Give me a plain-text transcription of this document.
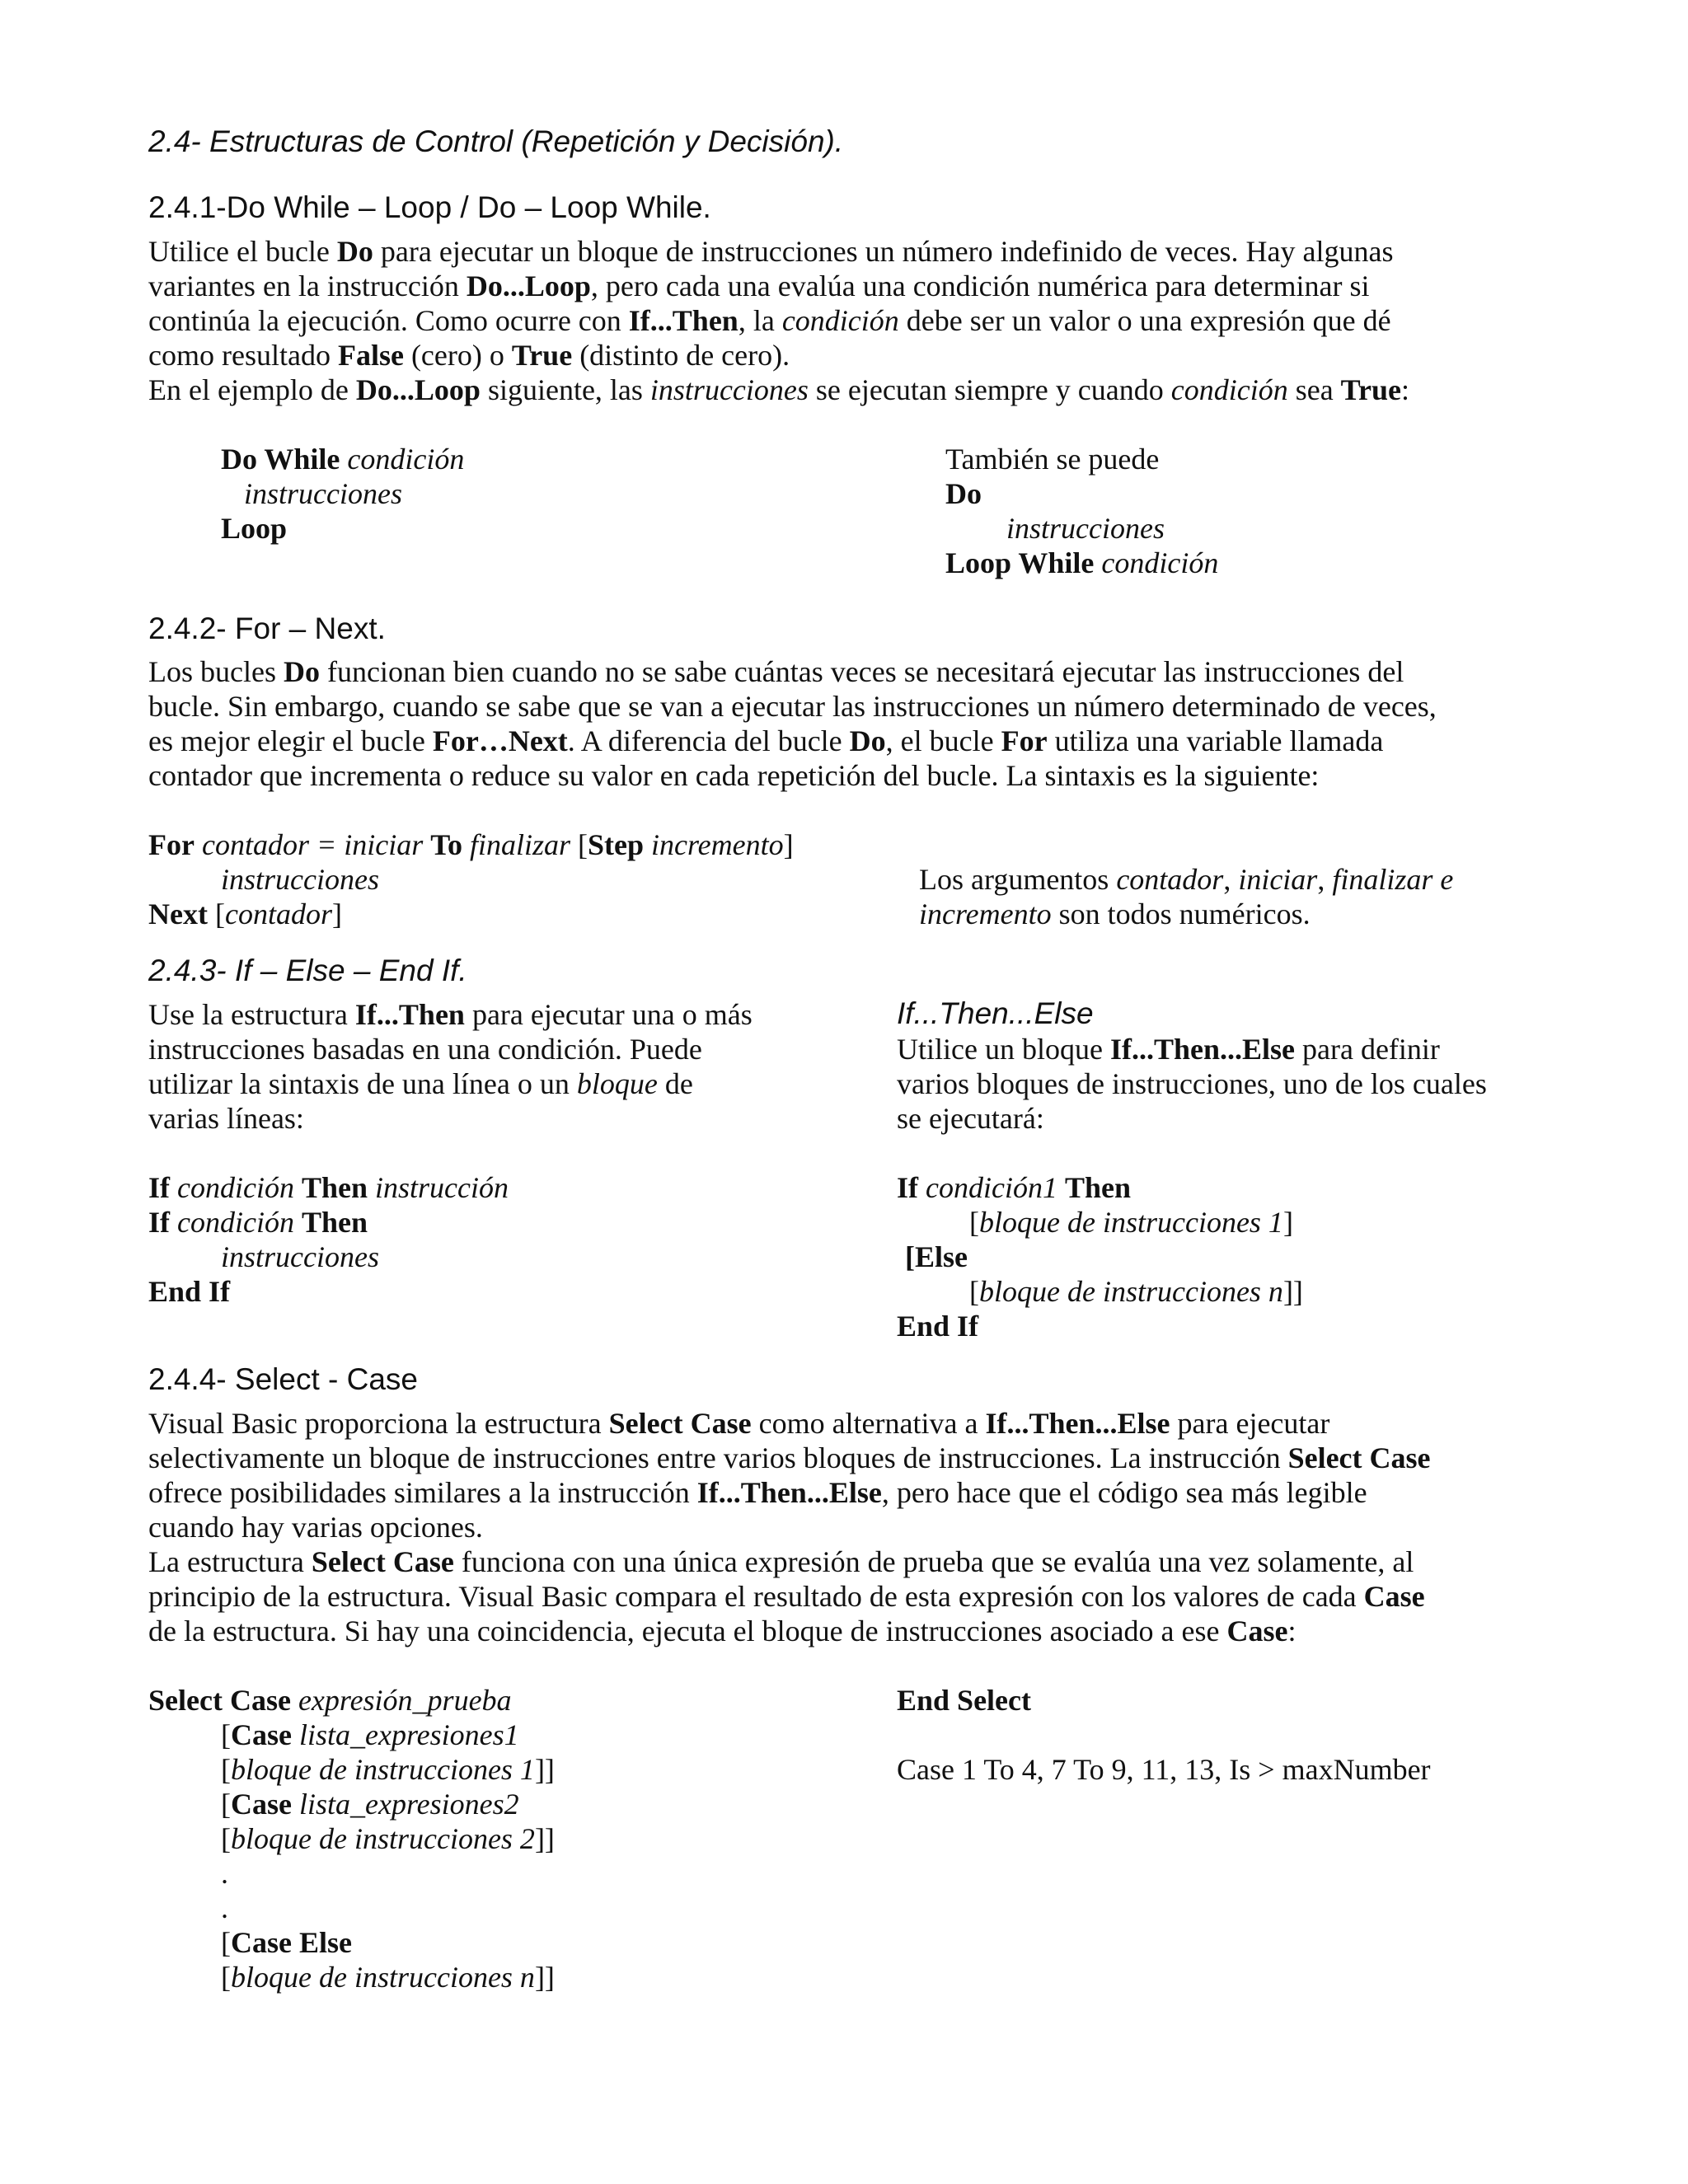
2.4- Estructuras de Control (Repetición y Decisión).
2.4.1-Do While – Loop / Do – Loop While.

Utilice el bucle Do para ejecutar un bloque de instrucciones un número indefinido de veces. Hay algunas

variantes en la instrucción Do...Loop, pero cada una evalúa una condición numérica para determinar si

continúa la ejecución. Como ocurre con If...Then, la condición debe ser un valor o una expresión que dé

como resultado False (cero) o True (distinto de cero).

En el ejemplo de Do...Loop siguiente, las instrucciones se ejecutan siempre y cuando condición sea True:

Do While condición
instrucciones
Loop
También se puede
Do
instrucciones
Loop While condición
2.4.2- For – Next.

Los bucles Do funcionan bien cuando no se sabe cuántas veces se necesitará ejecutar las instrucciones del

bucle. Sin embargo, cuando se sabe que se van a ejecutar las instrucciones un número determinado de veces,

es mejor elegir el bucle For…Next. A diferencia del bucle Do, el bucle For utiliza una variable llamada

contador que incrementa o reduce su valor en cada repetición del bucle. La sintaxis es la siguiente:

For contador = iniciar To finalizar [Step incremento]
instrucciones
Next [contador]
Los argumentos contador, iniciar, finalizar e
incremento son todos numéricos.
2.4.3- If – Else – End If.
Use la estructura If...Then para ejecutar una o más
instrucciones basadas en una condición. Puede
utilizar la sintaxis de una línea o un bloque de
varias líneas:
If condición Then instrucción
If condición Then
instrucciones
End If
If...Then...Else
Utilice un bloque If...Then...Else para definir
varios bloques de instrucciones, uno de los cuales
se ejecutará:
If condición1 Then
[bloque de instrucciones 1]
[Else
[bloque de instrucciones n]]
End If
2.4.4- Select - Case

Visual Basic proporciona la estructura Select Case como alternativa a If...Then...Else para ejecutar

selectivamente un bloque de instrucciones entre varios bloques de instrucciones. La instrucción Select Case

ofrece posibilidades similares a la instrucción If...Then...Else, pero hace que el código sea más legible

cuando hay varias opciones.

La estructura Select Case funciona con una única expresión de prueba que se evalúa una vez solamente, al

principio de la estructura. Visual Basic compara el resultado de esta expresión con los valores de cada Case

de la estructura. Si hay una coincidencia, ejecuta el bloque de instrucciones asociado a ese Case:

Select Case expresión_prueba
[Case lista_expresiones1
[bloque de instrucciones 1]]
[Case lista_expresiones2
[bloque de instrucciones 2]]
.
.
[Case Else
[bloque de instrucciones n]]
End Select
Case 1 To 4, 7 To 9, 11, 13, Is > maxNumber
